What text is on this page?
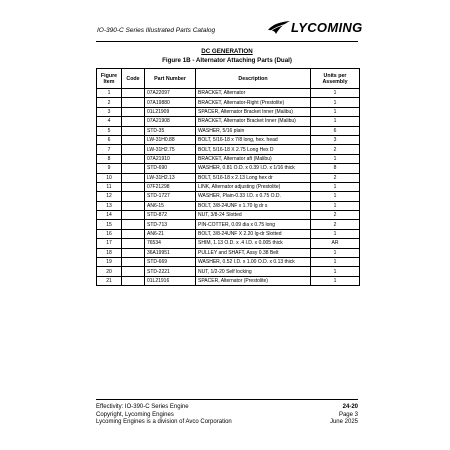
IO-390-C Series Illustrated Parts Catalog	LYCOMING
DC GENERATION
Figure 1B - Alternator Attaching Parts (Dual)
Figure Item	Code	Part Number	Description	Units per Assembly
1		07A22097	BRACKET, Alternator	1
2		07A19880	BRACKET, Alternator-Right (Prestolite)	1
3		01L21909	SPACER, Alternator Bracket Inner (Malibu)	1
4		07A21908	BRACKET, Alternator Bracket Inner (Malibu)	1
5		STD-35	WASHER, 5/16 plain	6
6		LW-31H0.88	BOLT, 5/16-18 x 7/8 long, hex. head	3
7		LW-31H2.75	BOLT, 5/16-18 X 2.75 Long Hex D	2
8		07A21910	BRACKET, Alternator aft (Malibu)	1
9		STD-690	WASHER, 0.81 O.D. x 0.39 I.D. x 1/16 thick	8
10		LW-31H2.13	BOLT, 5/16-18 x 2.13 Long hex dr	2
11		07F21298	LINK, Alternator adjusting (Prestolite)	1
12		STD-1727	WASHER, Plain-0.33 I.D. x 0.75 O.D.	1
13		AN6-15	BOLT, 3/8-24UNF x 1.70 lg dr s	1
14		STD-872	NUT, 3/8-24 Slotted	2
15		STD-713	PIN-COTTER, 0.09 dia x 0.75 long	2
16		AN6-21	BOLT, 3/8-24UNF X 2.20 lg-dr Slotted	1
17		76534	SHIM, 1.13 O.D. x .4 I.D. x 0.005 thick	AR
18		36A19951	PULLEY and SHAFT, Assy 0.38 Belt	1
19		STD-669	WASHER, 0.52 I.D. x 1.00 O.D. x 0.13 thick	1
20		STD-2221	NUT, 1/2-20 Self locking	1
21		01L21916	SPACER, Alternator (Prestolite)	1
Effectivity: IO-390-C Series Engine
Copyright, Lycoming Engines
Lycoming Engines is a division of Avco Corporation
24-20
Page 3
June 2025
